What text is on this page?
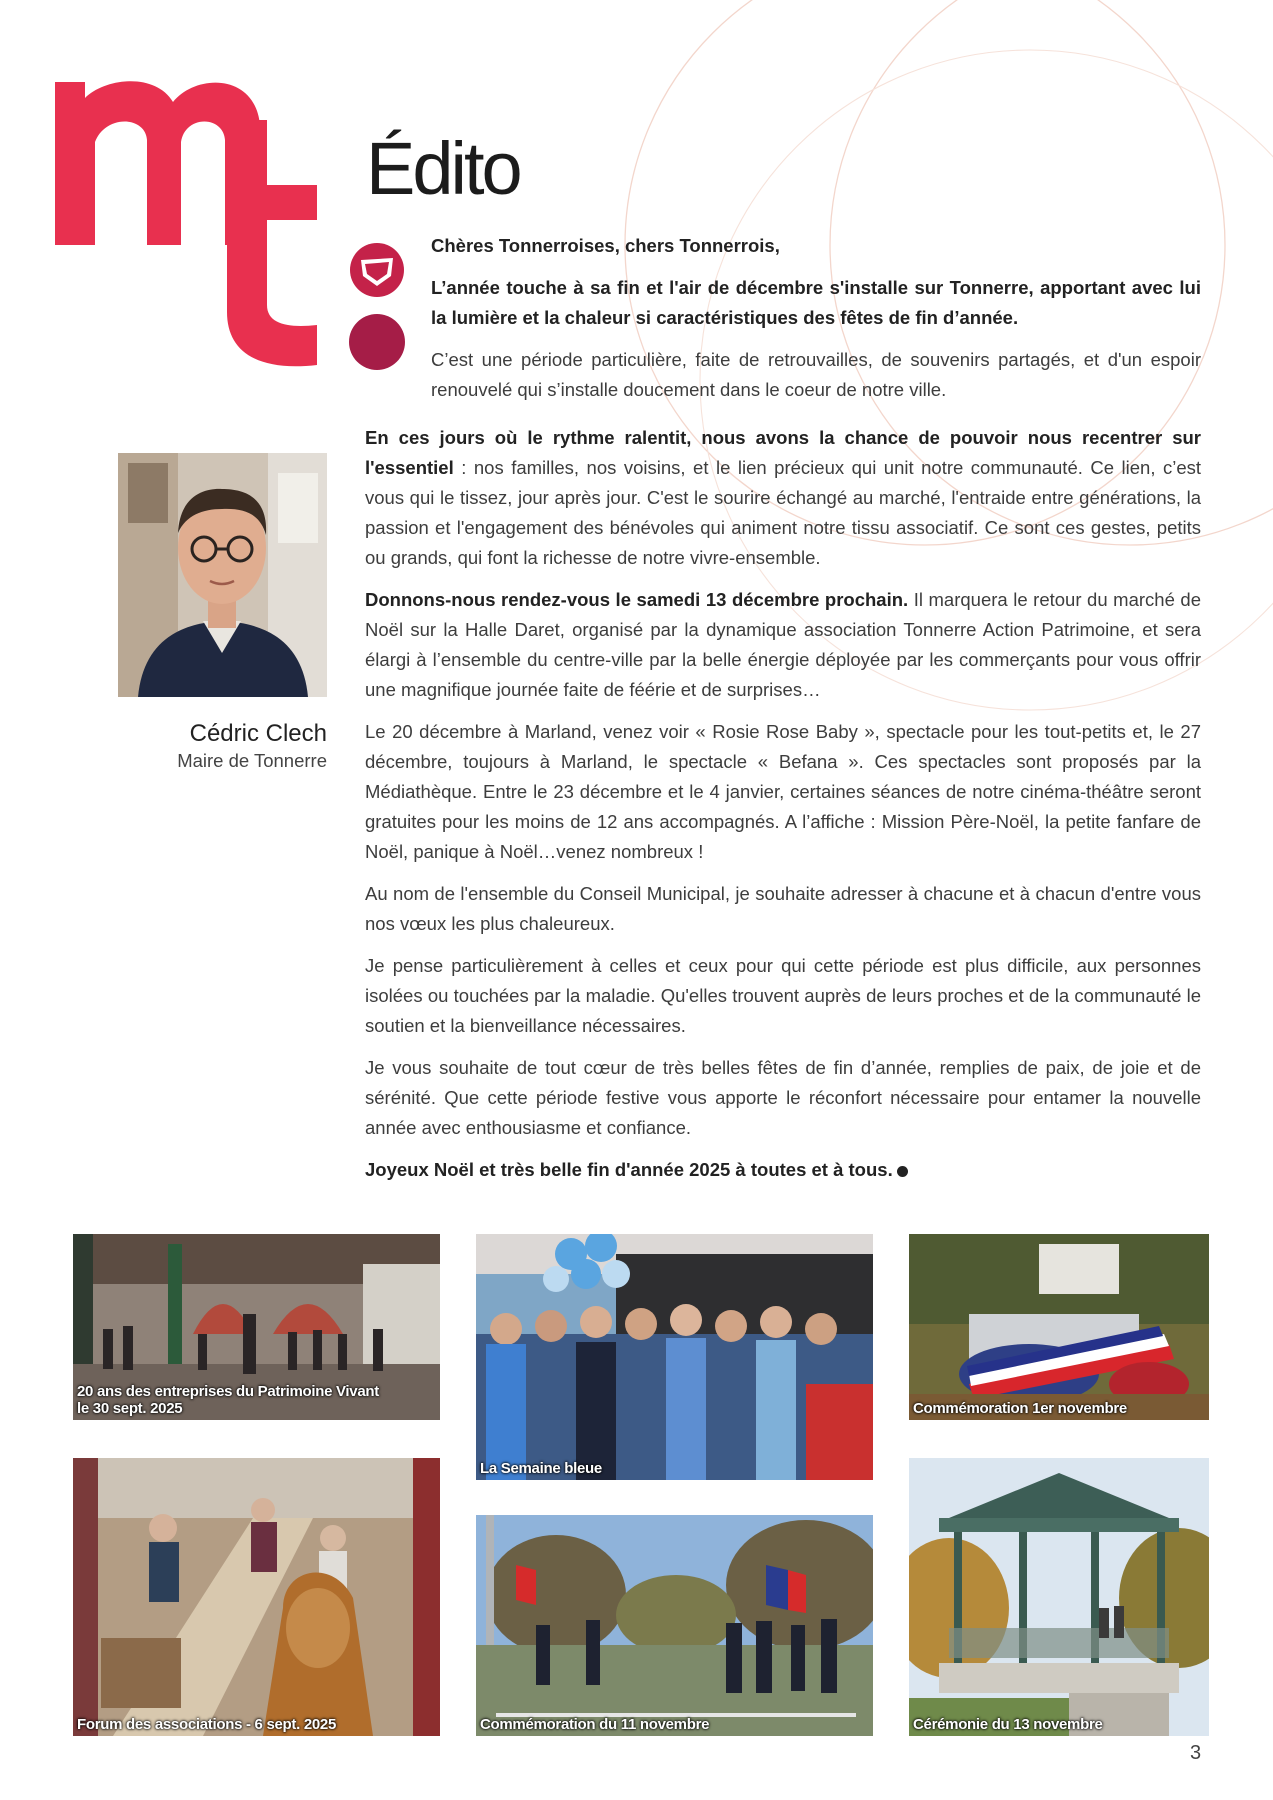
Édito

Chères Tonnerroises, chers Tonnerrois,

L’année touche à sa fin et l'air de décembre s'installe sur Tonnerre, apportant avec lui la lumière et la chaleur si caractéristiques des fêtes de fin d’année.

C’est une période particulière, faite de retrouvailles, de souvenirs partagés, et d'un espoir renouvelé qui s’installe doucement dans le coeur de notre ville.

Cédric Clech
Maire de Tonnerre

En ces jours où le rythme ralentit, nous avons la chance de pouvoir nous recentrer sur l'essentiel : nos familles, nos voisins, et le lien précieux qui unit notre communauté. Ce lien, c’est vous qui le tissez, jour après jour. C'est le sourire échangé au marché, l'entraide entre générations, la passion et l'engagement des bénévoles qui animent notre tissu associatif. Ce sont ces gestes, petits ou grands, qui font la richesse de notre vivre-ensemble.

Donnons-nous rendez-vous le samedi 13 décembre prochain. Il marquera le retour du marché de Noël sur la Halle Daret, organisé par la dynamique association Tonnerre Action Patrimoine, et sera élargi à l’ensemble du centre-ville par la belle énergie déployée par les commerçants pour vous offrir une magnifique journée faite de féérie et de surprises…

Le 20 décembre à Marland, venez voir « Rosie Rose Baby », spectacle pour les tout-petits et, le 27 décembre, toujours à Marland, le spectacle « Befana ». Ces spectacles sont proposés par la Médiathèque. Entre le 23 décembre et le 4 janvier, certaines séances de notre cinéma-théâtre seront gratuites pour les moins de 12 ans accompagnés. A l’affiche : Mission Père-Noël, la petite fanfare de Noël, panique à Noël…venez nombreux !

Au nom de l'ensemble du Conseil Municipal, je souhaite adresser à chacune et à chacun d'entre vous nos vœux les plus chaleureux.

Je pense particulièrement à celles et ceux pour qui cette période est plus difficile, aux personnes isolées ou touchées par la maladie. Qu'elles trouvent auprès de leurs proches et de la communauté le soutien et la bienveillance nécessaires.

Je vous souhaite de tout cœur de très belles fêtes de fin d’année, remplies de paix, de joie et de sérénité. Que cette période festive vous apporte le réconfort nécessaire pour entamer la nouvelle année avec enthousiasme et confiance.

Joyeux Noël et très belle fin d'année 2025 à toutes et à tous.

20 ans des entreprises du Patrimoine Vivant
le 30 sept. 2025
La Semaine bleue
Commémoration 1er novembre
Forum des associations - 6 sept. 2025	Commémoration du 11 novembre	Cérémonie du 13 novembre
3
